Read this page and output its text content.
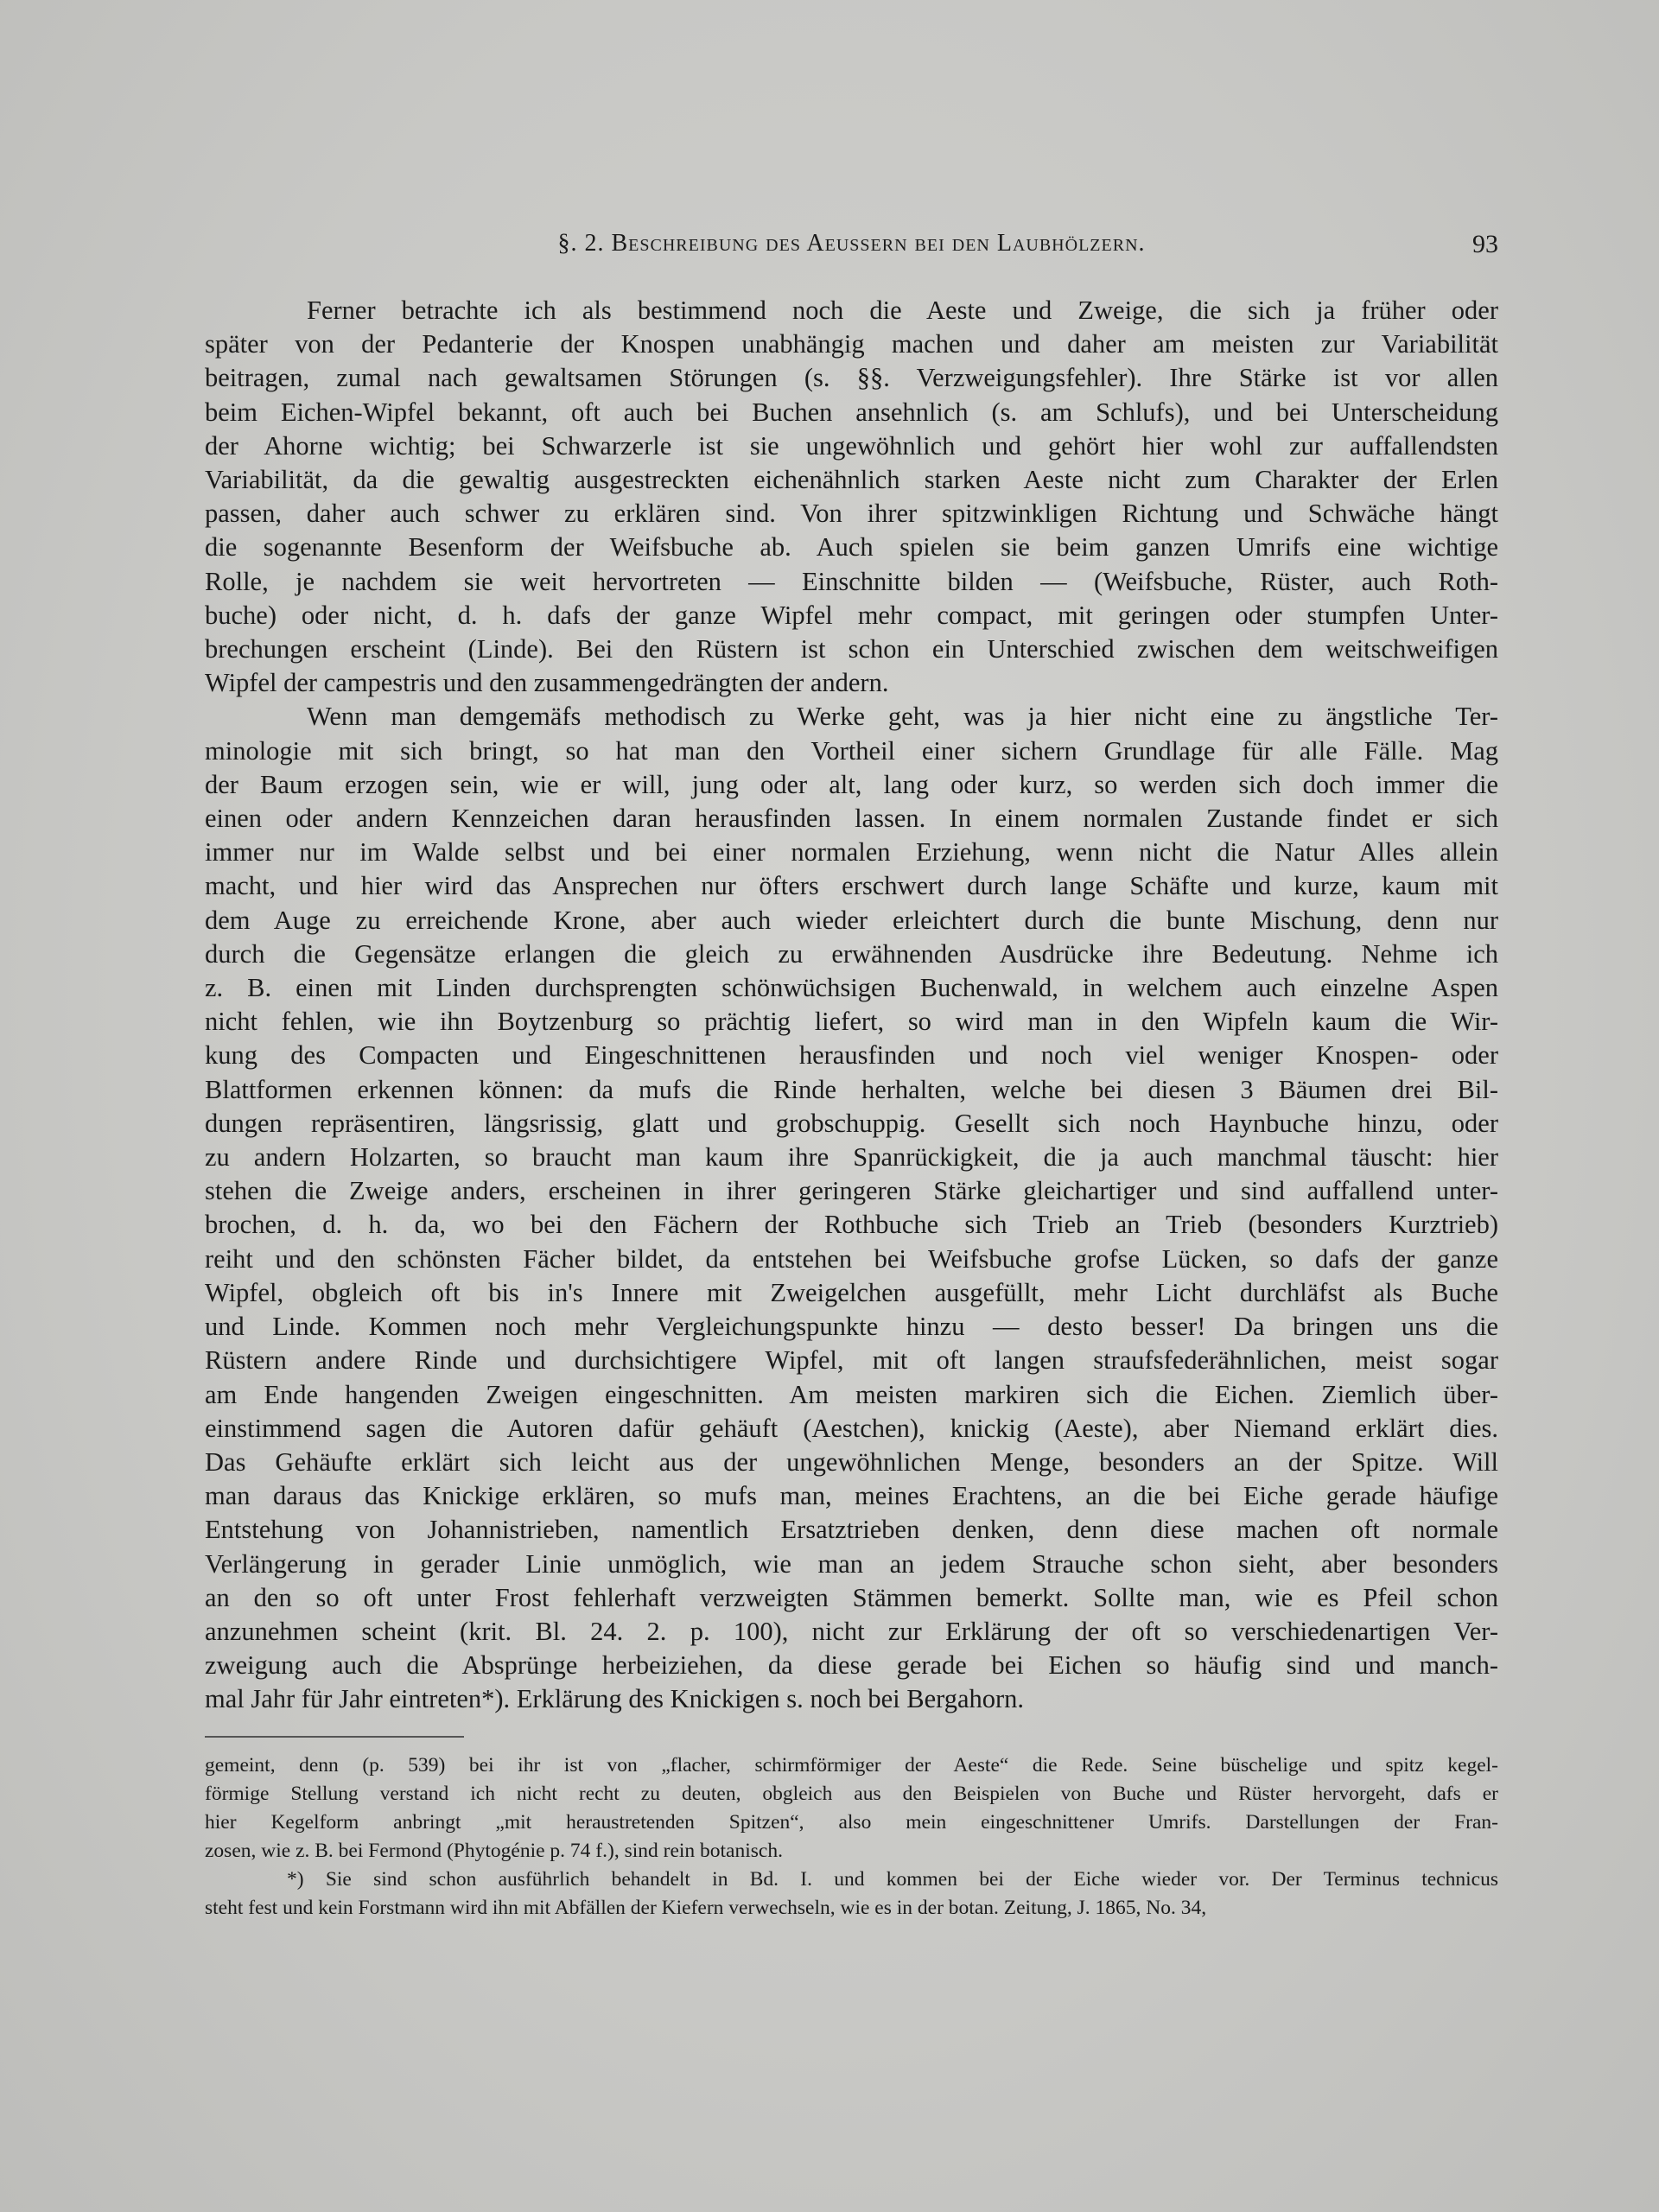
§. 2. Beschreibung des Aeussern bei den Laubhölzern.	93
Ferner betrachte ich als bestimmend noch die Aeste und Zweige, die sich ja früher oder
später von der Pedanterie der Knospen unabhängig machen und daher am meisten zur Variabilität
beitragen, zumal nach gewaltsamen Störungen (s. §§. Verzweigungsfehler). Ihre Stärke ist vor allen
beim Eichen-Wipfel bekannt, oft auch bei Buchen ansehnlich (s. am Schlufs), und bei Unterscheidung
der Ahorne wichtig; bei Schwarzerle ist sie ungewöhnlich und gehört hier wohl zur auffallendsten
Variabilität, da die gewaltig ausgestreckten eichenähnlich starken Aeste nicht zum Charakter der Erlen
passen, daher auch schwer zu erklären sind. Von ihrer spitzwinkligen Richtung und Schwäche hängt
die sogenannte Besenform der Weifsbuche ab. Auch spielen sie beim ganzen Umrifs eine wichtige
Rolle, je nachdem sie weit hervortreten — Einschnitte bilden — (Weifsbuche, Rüster, auch Roth-
buche) oder nicht, d. h. dafs der ganze Wipfel mehr compact, mit geringen oder stumpfen Unter-
brechungen erscheint (Linde). Bei den Rüstern ist schon ein Unterschied zwischen dem weitschweifigen
Wipfel der campestris und den zusammengedrängten der andern.
Wenn man demgemäfs methodisch zu Werke geht, was ja hier nicht eine zu ängstliche Ter-
minologie mit sich bringt, so hat man den Vortheil einer sichern Grundlage für alle Fälle. Mag
der Baum erzogen sein, wie er will, jung oder alt, lang oder kurz, so werden sich doch immer die
einen oder andern Kennzeichen daran herausfinden lassen. In einem normalen Zustande findet er sich
immer nur im Walde selbst und bei einer normalen Erziehung, wenn nicht die Natur Alles allein
macht, und hier wird das Ansprechen nur öfters erschwert durch lange Schäfte und kurze, kaum mit
dem Auge zu erreichende Krone, aber auch wieder erleichtert durch die bunte Mischung, denn nur
durch die Gegensätze erlangen die gleich zu erwähnenden Ausdrücke ihre Bedeutung. Nehme ich
z. B. einen mit Linden durchsprengten schönwüchsigen Buchenwald, in welchem auch einzelne Aspen
nicht fehlen, wie ihn Boytzenburg so prächtig liefert, so wird man in den Wipfeln kaum die Wir-
kung des Compacten und Eingeschnittenen herausfinden und noch viel weniger Knospen- oder
Blattformen erkennen können: da mufs die Rinde herhalten, welche bei diesen 3 Bäumen drei Bil-
dungen repräsentiren, längsrissig, glatt und grobschuppig. Gesellt sich noch Haynbuche hinzu, oder
zu andern Holzarten, so braucht man kaum ihre Spanrückigkeit, die ja auch manchmal täuscht: hier
stehen die Zweige anders, erscheinen in ihrer geringeren Stärke gleichartiger und sind auffallend unter-
brochen, d. h. da, wo bei den Fächern der Rothbuche sich Trieb an Trieb (besonders Kurztrieb)
reiht und den schönsten Fächer bildet, da entstehen bei Weifsbuche grofse Lücken, so dafs der ganze
Wipfel, obgleich oft bis in's Innere mit Zweigelchen ausgefüllt, mehr Licht durchläfst als Buche
und Linde. Kommen noch mehr Vergleichungspunkte hinzu — desto besser! Da bringen uns die
Rüstern andere Rinde und durchsichtigere Wipfel, mit oft langen straufsfederähnlichen, meist sogar
am Ende hangenden Zweigen eingeschnitten. Am meisten markiren sich die Eichen. Ziemlich über-
einstimmend sagen die Autoren dafür gehäuft (Aestchen), knickig (Aeste), aber Niemand erklärt dies.
Das Gehäufte erklärt sich leicht aus der ungewöhnlichen Menge, besonders an der Spitze. Will
man daraus das Knickige erklären, so mufs man, meines Erachtens, an die bei Eiche gerade häufige
Entstehung von Johannistrieben, namentlich Ersatztrieben denken, denn diese machen oft normale
Verlängerung in gerader Linie unmöglich, wie man an jedem Strauche schon sieht, aber besonders
an den so oft unter Frost fehlerhaft verzweigten Stämmen bemerkt. Sollte man, wie es Pfeil schon
anzunehmen scheint (krit. Bl. 24. 2. p. 100), nicht zur Erklärung der oft so verschiedenartigen Ver-
zweigung auch die Absprünge herbeiziehen, da diese gerade bei Eichen so häufig sind und manch-
mal Jahr für Jahr eintreten*). Erklärung des Knickigen s. noch bei Bergahorn.
gemeint, denn (p. 539) bei ihr ist von „flacher, schirmförmiger der Aeste“ die Rede. Seine büschelige und spitz kegel-
förmige Stellung verstand ich nicht recht zu deuten, obgleich aus den Beispielen von Buche und Rüster hervorgeht, dafs er
hier Kegelform anbringt „mit heraustretenden Spitzen“, also mein eingeschnittener Umrifs. Darstellungen der Fran-
zosen, wie z. B. bei Fermond (Phytogénie p. 74 f.), sind rein botanisch.
*) Sie sind schon ausführlich behandelt in Bd. I. und kommen bei der Eiche wieder vor. Der Terminus technicus
steht fest und kein Forstmann wird ihn mit Abfällen der Kiefern verwechseln, wie es in der botan. Zeitung, J. 1865, No. 34,
